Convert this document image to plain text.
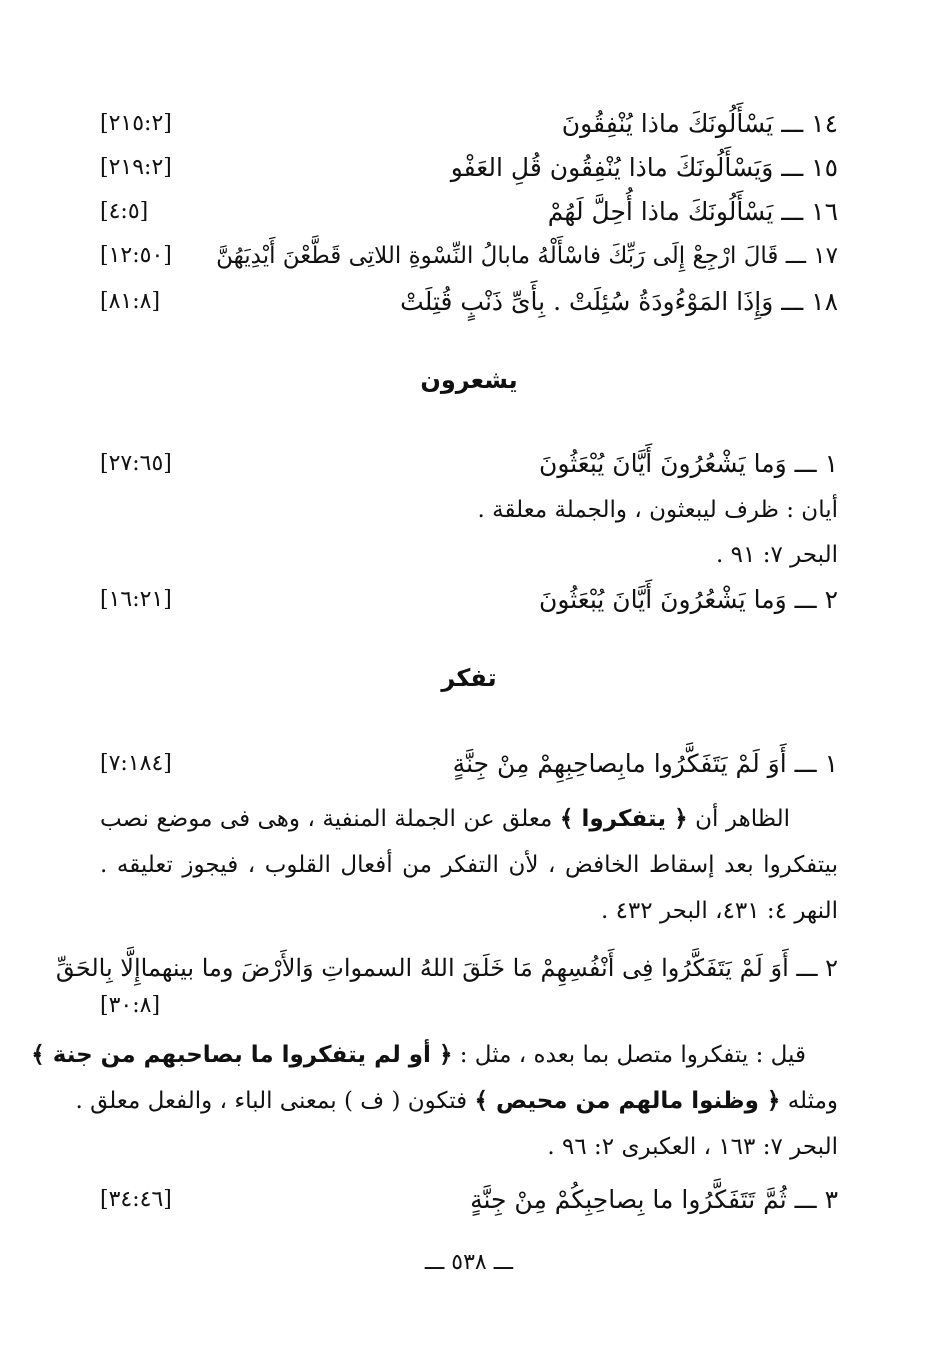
١٤ ـــ يَسْأَلُونَكَ ماذا يُنْفِقُونَ
[٢١٥:٢]
١٥ ـــ وَيَسْأَلُونَكَ ماذا يُنْفِقُون قُلِ العَفْو
[٢١٩:٢]
١٦ ـــ يَسْأَلُونَكَ ماذا أُحِلَّ لَهُمْ
[٤:٥]
١٧ ـــ قَالَ ارْجِعْ إِلَى رَبِّكَ فاسْأَلْهُ مابالُ النِّسْوةِ اللاتِى قَطَّعْنَ أَيْدِيَهُنَّ
[١٢:٥٠]
١٨ ـــ وَإِذَا المَوْءُودَةُ سُئِلَتْ . بِأَىِّ ذَنْبٍ قُتِلَتْ
[٨١:٨]
يشعرون
١ ـــ وَما يَشْعُرُونَ أَيَّانَ يُبْعَثُونَ
[٢٧:٦٥]
أيان : ظرف ليبعثون ، والجملة معلقة .
البحر ٧: ٩١ .
٢ ـــ وَما يَشْعُرُونَ أَيَّانَ يُبْعَثُونَ
[١٦:٢١]
تفكر
١ ـــ أَوَ لَمْ يَتَفَكَّرُوا مابِصاحِبِهِمْ مِنْ جِنَّةٍ
[٧:١٨٤]
الظاهر أن ﴿ يتفكروا ﴾ معلق عن الجملة المنفية ، وهى فى موضع نصب
بيتفكروا بعد إسقاط الخافض ، لأن التفكر من أفعال القلوب ، فيجوز تعليقه .
النهر ٤: ٤٣١، البحر ٤٣٢ .
٢ ـــ أَوَ لَمْ يَتَفَكَّرُوا فِى أَنْفُسِهِمْ مَا خَلَقَ اللهُ السمواتِ وَالأَرْضَ وما بينهماإِلَّا بِالحَقِّ
[٣٠:٨]
قيل : يتفكروا متصل بما بعده ، مثل : ﴿ أو لم يتفكروا ما بصاحبهم من جنة ﴾
ومثله ﴿ وظنوا مالهم من محيص ﴾ فتكون ( ف ) بمعنى الباء ، والفعل معلق .
البحر ٧: ١٦٣ ، العكبرى ٢: ٩٦ .
٣ ـــ ثُمَّ تَتَفَكَّرُوا ما بِصاحِبِكُمْ مِنْ جِنَّةٍ
[٣٤:٤٦]
ـــ ٥٣٨ ـــ
